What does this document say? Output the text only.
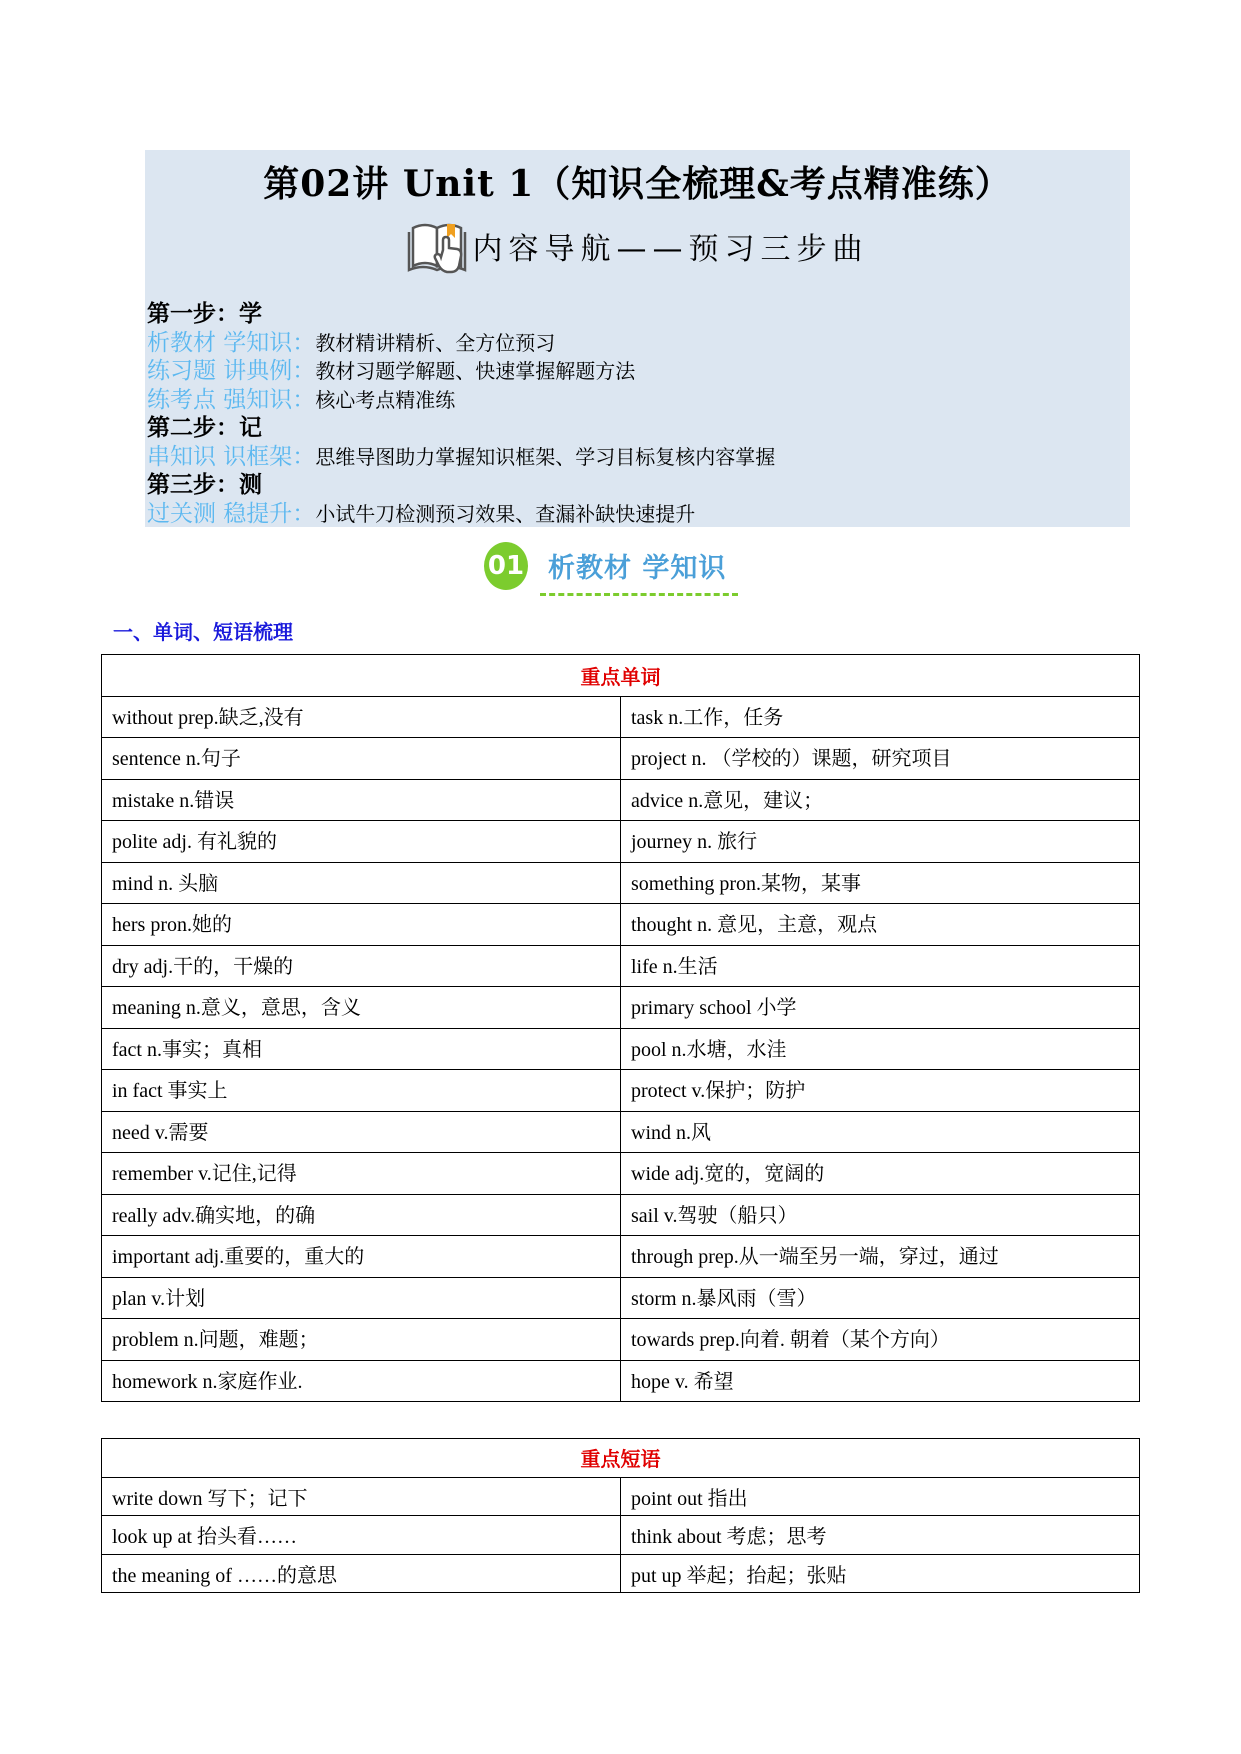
第02讲 Unit 1（知识全梳理&考点精准练）
内容导航——预习三步曲
第一步：学
析教材 学知识：教材精讲精析、全方位预习
练习题 讲典例：教材习题学解题、快速掌握解题方法
练考点 强知识：核心考点精准练
第二步：记
串知识 识框架：思维导图助力掌握知识框架、学习目标复核内容掌握
第三步：测
过关测 稳提升：小试牛刀检测预习效果、查漏补缺快速提升
01 析教材 学知识
一、单词、短语梳理
重点单词	
without prep.缺乏,没有	task n.工作，任务
sentence n.句子	project n. （学校的）课题，研究项目
mistake n.错误	advice n.意见，建议；
polite adj. 有礼貌的	journey n. 旅行
mind n. 头脑	something pron.某物，某事
hers pron.她的	thought n. 意见，主意，观点
dry adj.干的，干燥的	life n.生活
meaning n.意义，意思，含义	primary school 小学
fact n.事实；真相	pool n.水塘，水洼
in fact 事实上	protect v.保护；防护
need v.需要	wind n.风
remember v.记住,记得	wide adj.宽的，宽阔的
really adv.确实地，的确	sail v.驾驶（船只）
important adj.重要的，重大的	through prep.从一端至另一端，穿过，通过
plan v.计划	storm n.暴风雨（雪）
problem n.问题，难题；	towards prep.向着. 朝着（某个方向）
homework n.家庭作业.	hope v. 希望
重点短语	
write down 写下；记下	point out 指出
look up at 抬头看……	think about 考虑；思考
the meaning of ……的意思	put up 举起；抬起；张贴
